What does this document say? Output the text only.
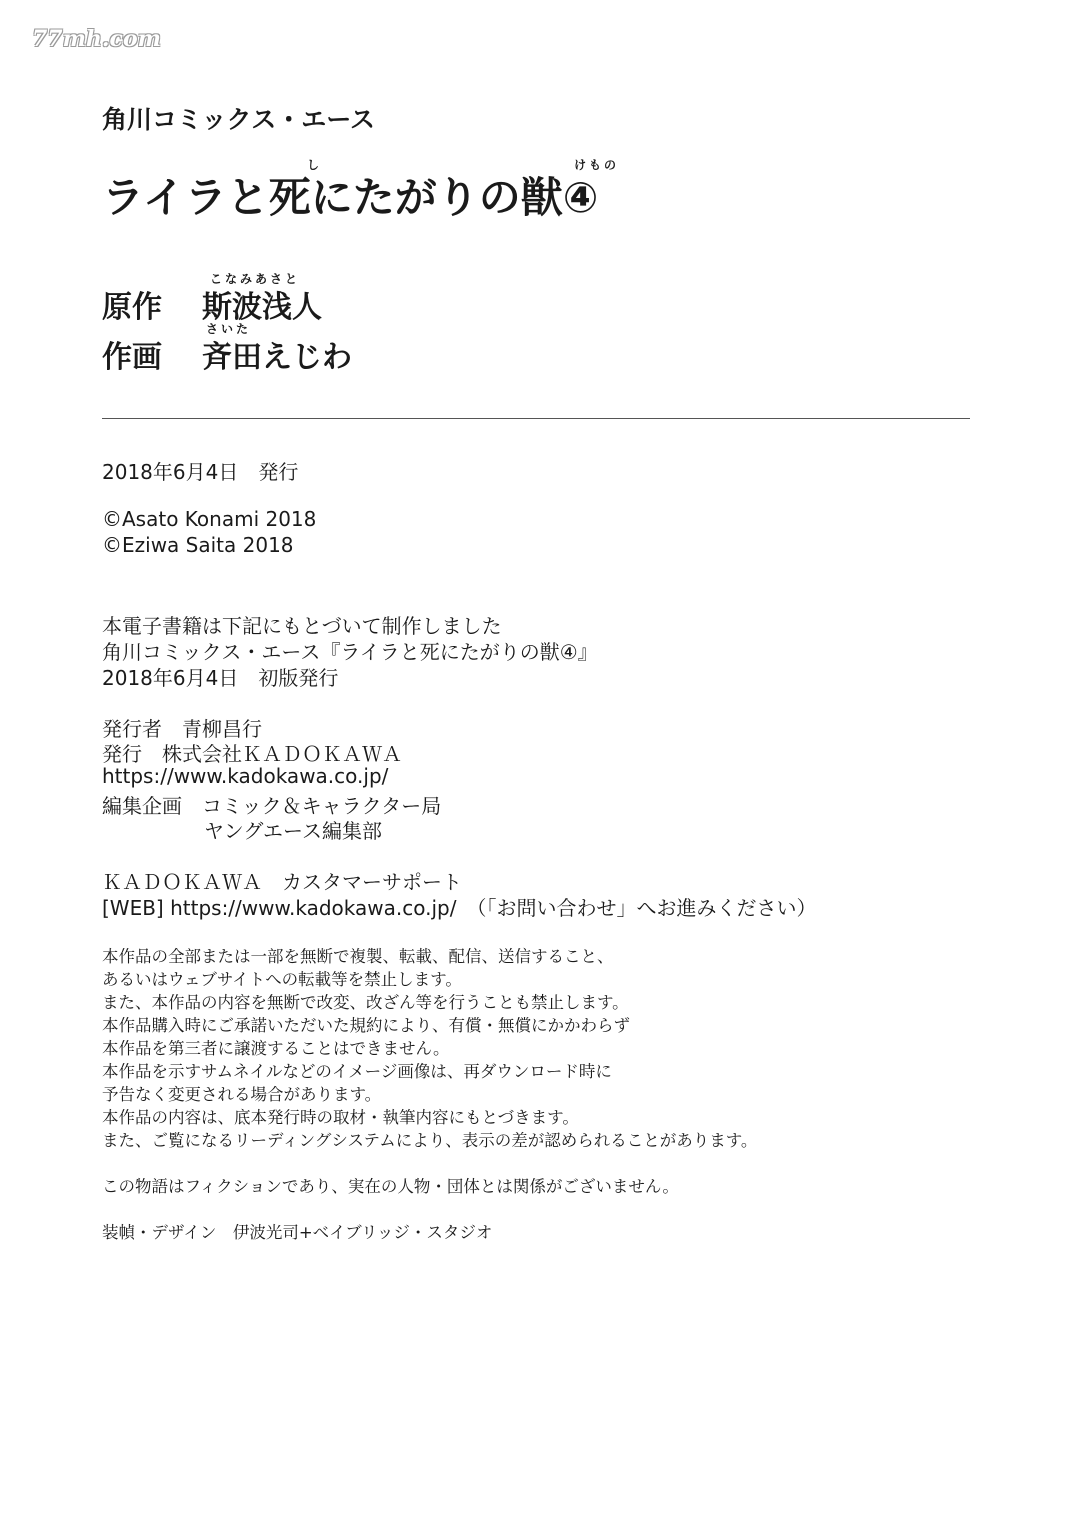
77mh.com
角川コミックス・エース
し	けもの
ライラと死にたがりの獣④
原作
こなみあさと
斯波浅人
作画
さいた
斉田えじわ
2018年6月4日　発行
©Asato Konami 2018
©Eziwa Saita 2018
本電子書籍は下記にもとづいて制作しました
角川コミックス・エース『ライラと死にたがりの獣④』
2018年6月4日　初版発行
発行者　青柳昌行
発行　株式会社ＫＡＤＯＫＡＷＡ
https://www.kadokawa.co.jp/
編集企画　コミック＆キャラクター局
ヤングエース編集部
ＫＡＤＯＫＡＷＡ　カスタマーサポート
[WEB] https://www.kadokawa.co.jp/　（「お問い合わせ」へお進みください）
本作品の全部または一部を無断で複製、転載、配信、送信すること、
あるいはウェブサイトへの転載等を禁止します。
また、本作品の内容を無断で改変、改ざん等を行うことも禁止します。
本作品購入時にご承諾いただいた規約により、有償・無償にかかわらず
本作品を第三者に譲渡することはできません。
本作品を示すサムネイルなどのイメージ画像は、再ダウンロード時に
予告なく変更される場合があります。
本作品の内容は、底本発行時の取材・執筆内容にもとづきます。
また、ご覧になるリーディングシステムにより、表示の差が認められることがあります。
この物語はフィクションであり、実在の人物・団体とは関係がございません。
装幀・デザイン　伊波光司+ベイブリッジ・スタジオ
